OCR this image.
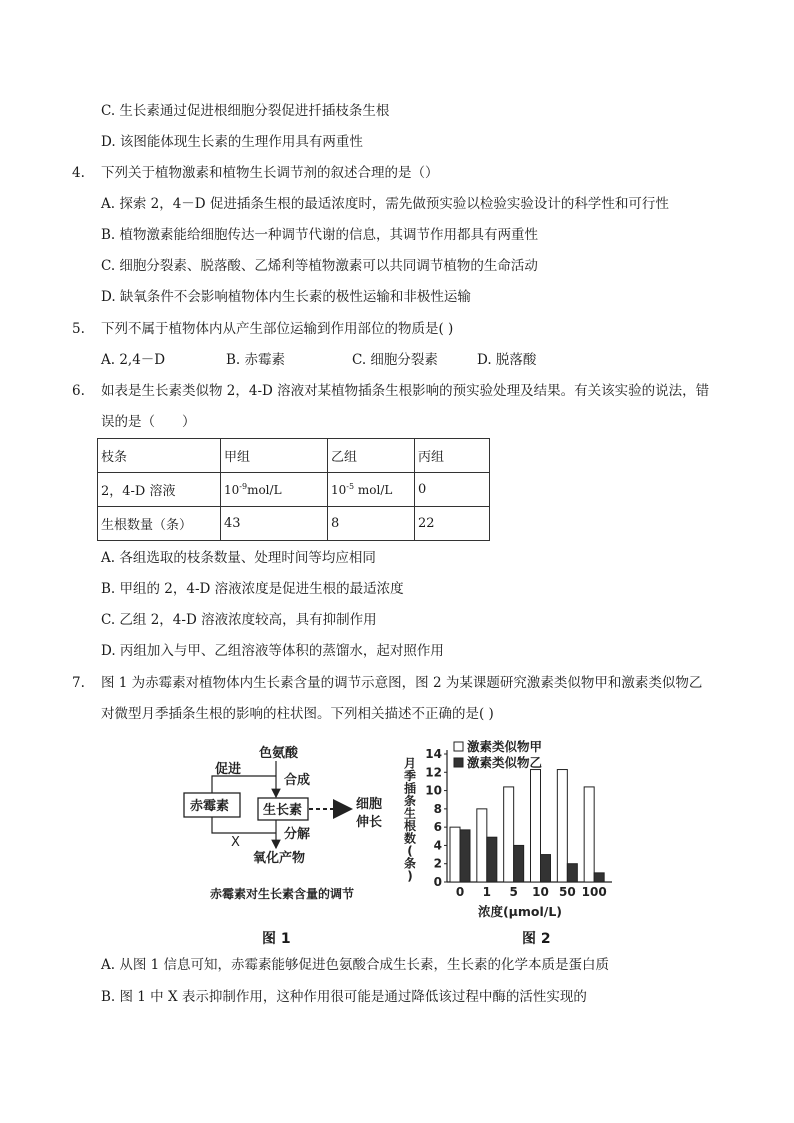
C. 生长素通过促进根细胞分裂促进扦插枝条生根
D. 该图能体现生长素的生理作用具有两重性
4. 下列关于植物激素和植物生长调节剂的叙述合理的是（）
A. 探索 2，4－D 促进插条生根的最适浓度时，需先做预实验以检验实验设计的科学性和可行性
B. 植物激素能给细胞传达一种调节代谢的信息，其调节作用都具有两重性
C. 细胞分裂素、脱落酸、乙烯利等植物激素可以共同调节植物的生命活动
D. 缺氧条件不会影响植物体内生长素的极性运输和非极性运输
5. 下列不属于植物体内从产生部位运输到作用部位的物质是( )
A. 2,4－D	B. 赤霉素	C. 细胞分裂素	D. 脱落酸
6. 如表是生长素类似物 2，4-D 溶液对某植物插条生根影响的预实验处理及结果。有关该实验的说法，错
误的是（　　）
枝条	甲组	乙组	丙组
2，4-D 溶液	$10^{-9}mol/L$	$10^{-5}$ mol/L	0
生根数量（条）	43	8	22
A. 各组选取的枝条数量、处理时间等均应相同
B. 甲组的 2，4-D 溶液浓度是促进生根的最适浓度
C. 乙组 2，4-D 溶液浓度较高，具有抑制作用
D. 丙组加入与甲、乙组溶液等体积的蒸馏水，起对照作用
7. 图 1 为赤霉素对植物体内生长素含量的调节示意图，图 2 为某课题研究激素类似物甲和激素类似物乙
对微型月季插条生根的影响的柱状图。下列相关描述不正确的是( )
色氨酸
促进
合成
赤霉素	生长素	细胞
伸长
分解
X
氧化产物
赤霉素对生长素含量的调节
月季插条生根数(条)
浓度(μmol/L)
激素类似物甲
激素类似物乙
0
2
4
6
8
10
12
14
0 1 5 10 50 100
图 1	图 2
A. 从图 1 信息可知，赤霉素能够促进色氨酸合成生长素，生长素的化学本质是蛋白质
B. 图 1 中 X 表示抑制作用，这种作用很可能是通过降低该过程中酶的活性实现的
